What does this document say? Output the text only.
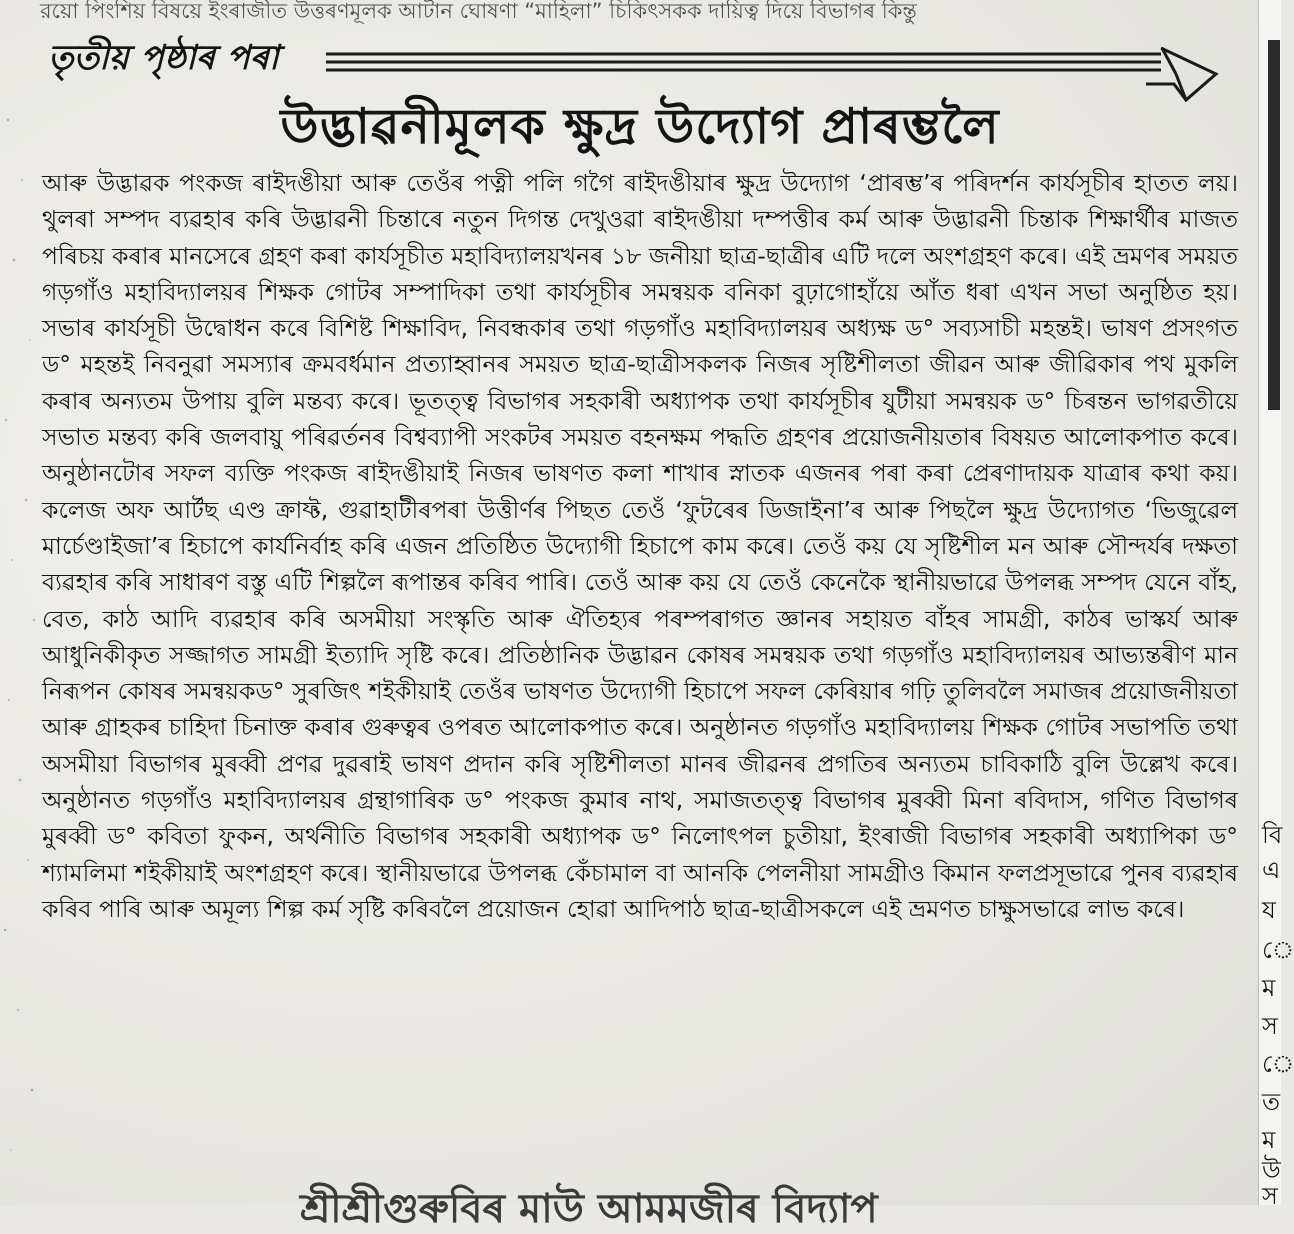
রয়ো পিংশিয় বিষয়ে ইংৰাজীত উত্তৰণমূলক আটান ঘোষণা “মাহিলা” চিকিৎসকক দায়িত্ব দিয়ে বিভাগৰ কিন্তু
তৃতীয় পৃষ্ঠাৰ পৰা
উদ্ভাৱনীমূলক ক্ষুদ্ৰ উদ্যোগ প্ৰাৰম্ভলৈ
আৰু উদ্ভাৱক পংকজ ৰাইদঙীয়া আৰু তেওঁৰ পত্নী পলি গগৈ ৰাইদঙীয়াৰ ক্ষুদ্ৰ উদ্যোগ ‘প্ৰাৰম্ভ’ৰ পৰিদৰ্শন কাৰ্যসূচীৰ হাতত লয়। থুলৰা সম্পদ ব্যৱহাৰ কৰি উদ্ভাৱনী চিন্তাৰে নতুন দিগন্ত দেখুওৱা ৰাইদঙীয়া দম্পত্তীৰ কৰ্ম আৰু উদ্ভাৱনী চিন্তাক শিক্ষাৰ্থীৰ মাজত পৰিচয় কৰাৰ মানসেৰে গ্ৰহণ কৰা কাৰ্যসূচীত মহাবিদ্যালয়খনৰ ১৮ জনীয়া ছাত্ৰ-ছাত্ৰীৰ এটি দলে অংশগ্ৰহণ কৰে। এই ভ্ৰমণৰ সময়ত গড়গাঁও মহাবিদ্যালয়ৰ শিক্ষক গোটৰ সম্পাদিকা তথা কাৰ্যসূচীৰ সমন্বয়ক বনিকা বুঢ়াগোহাঁয়ে আঁত ধৰা এখন সভা অনুষ্ঠিত হয়। সভাৰ কাৰ্যসূচী উদ্বোধন কৰে বিশিষ্ট শিক্ষাবিদ, নিবন্ধকাৰ তথা গড়গাঁও মহাবিদ্যালয়ৰ অধ্যক্ষ ড° সব্যসাচী মহন্তই। ভাষণ প্ৰসংগত ড° মহন্তই নিবনুৱা সমস্যাৰ ক্ৰমবৰ্ধমান প্ৰত্যাহ্বানৰ সময়ত ছাত্ৰ-ছাত্ৰীসকলক নিজৰ সৃষ্টিশীলতা জীৱন আৰু জীৱিকাৰ পথ মুকলি কৰাৰ অন্যতম উপায় বুলি মন্তব্য কৰে। ভূতত্ত্ব বিভাগৰ সহকাৰী অধ্যাপক তথা কাৰ্যসূচীৰ যুটীয়া সমন্বয়ক ড° চিৰন্তন ভাগৱতীয়ে সভাত মন্তব্য কৰি জলবায়ু পৰিৱৰ্তনৰ বিশ্বব্যাপী সংকটৰ সময়ত বহনক্ষম পদ্ধতি গ্ৰহণৰ প্ৰয়োজনীয়তাৰ বিষয়ত আলোকপাত কৰে। অনুষ্ঠানটোৰ সফল ব্যক্তি পংকজ ৰাইদঙীয়াই নিজৰ ভাষণত কলা শাখাৰ স্নাতক এজনৰ পৰা কৰা প্ৰেৰণাদায়ক যাত্ৰাৰ কথা কয়। কলেজ অফ আৰ্টছ এণ্ড ক্ৰাফ্ট, গুৱাহাটীৰপৰা উত্তীৰ্ণৰ পিছত তেওঁ ‘ফুটৰেৰ ডিজাইনা’ৰ আৰু পিছলৈ ক্ষুদ্ৰ উদ্যোগত ‘ভিজুৱেল মাৰ্চেণ্ডাইজা’ৰ হিচাপে কাৰ্যনিৰ্বাহ কৰি এজন প্ৰতিষ্ঠিত উদ্যোগী হিচাপে কাম কৰে। তেওঁ কয় যে সৃষ্টিশীল মন আৰু সৌন্দৰ্যৰ দক্ষতা ব্যৱহাৰ কৰি সাধাৰণ বস্তু এটি শিল্পলৈ ৰূপান্তৰ কৰিব পাৰি। তেওঁ আৰু কয় যে তেওঁ কেনেকৈ স্থানীয়ভাৱে উপলব্ধ সম্পদ যেনে বাঁহ, বেত, কাঠ আদি ব্যৱহাৰ কৰি অসমীয়া সংস্কৃতি আৰু ঐতিহ্যৰ পৰম্পৰাগত জ্ঞানৰ সহায়ত বাঁহৰ সামগ্ৰী, কাঠৰ ভাস্কৰ্য আৰু আধুনিকীকৃত সজ্জাগত সামগ্ৰী ইত্যাদি সৃষ্টি কৰে। প্ৰতিষ্ঠানিক উদ্ভাৱন কোষৰ সমন্বয়ক তথা গড়গাঁও মহাবিদ্যালয়ৰ আভ্যন্তৰীণ মান নিৰূপন কোষৰ সমন্বয়কড° সুৰজিৎ শইকীয়াই তেওঁৰ ভাষণত উদ্যোগী হিচাপে সফল কেৰিয়াৰ গঢ়ি তুলিবলৈ সমাজৰ প্ৰয়োজনীয়তা আৰু গ্ৰাহকৰ চাহিদা চিনাক্ত কৰাৰ গুৰুত্বৰ ওপৰত আলোকপাত কৰে। অনুষ্ঠানত গড়গাঁও মহাবিদ্যালয় শিক্ষক গোটৰ সভাপতি তথা অসমীয়া বিভাগৰ মুৰব্বী প্ৰণৱ দুৱৰাই ভাষণ প্ৰদান কৰি সৃষ্টিশীলতা মানৰ জীৱনৰ প্ৰগতিৰ অন্যতম চাবিকাঠি বুলি উল্লেখ কৰে। অনুষ্ঠানত গড়গাঁও মহাবিদ্যালয়ৰ গ্ৰন্থাগাৰিক ড° পংকজ কুমাৰ নাথ, সমাজতত্ত্ব বিভাগৰ মুৰব্বী মিনা ৰবিদাস, গণিত বিভাগৰ মুৰব্বী ড° কবিতা ফুকন, অৰ্থনীতি বিভাগৰ সহকাৰী অধ্যাপক ড° নিলোৎপল চুতীয়া, ইংৰাজী বিভাগৰ সহকাৰী অধ্যাপিকা ড° শ্যামলিমা শইকীয়াই অংশগ্ৰহণ কৰে। স্থানীয়ভাৱে উপলব্ধ কেঁচামাল বা আনকি পেলনীয়া সামগ্ৰীও কিমান ফলপ্ৰসূভাৱে পুনৰ ব্যৱহাৰ কৰিব পাৰি আৰু অমূল্য শিল্প কৰ্ম সৃষ্টি কৰিবলৈ প্ৰয়োজন হোৱা আদিপাঠ ছাত্ৰ-ছাত্ৰীসকলে এই ভ্ৰমণত চাক্ষুসভাৱে লাভ কৰে।
শ্ৰীশ্ৰীগুৰুবিৰ মাউ আমমজীৰ বিদ্যাপ
বি
এ
য
ে
ম
স
ে
ত
ম
উ
স
